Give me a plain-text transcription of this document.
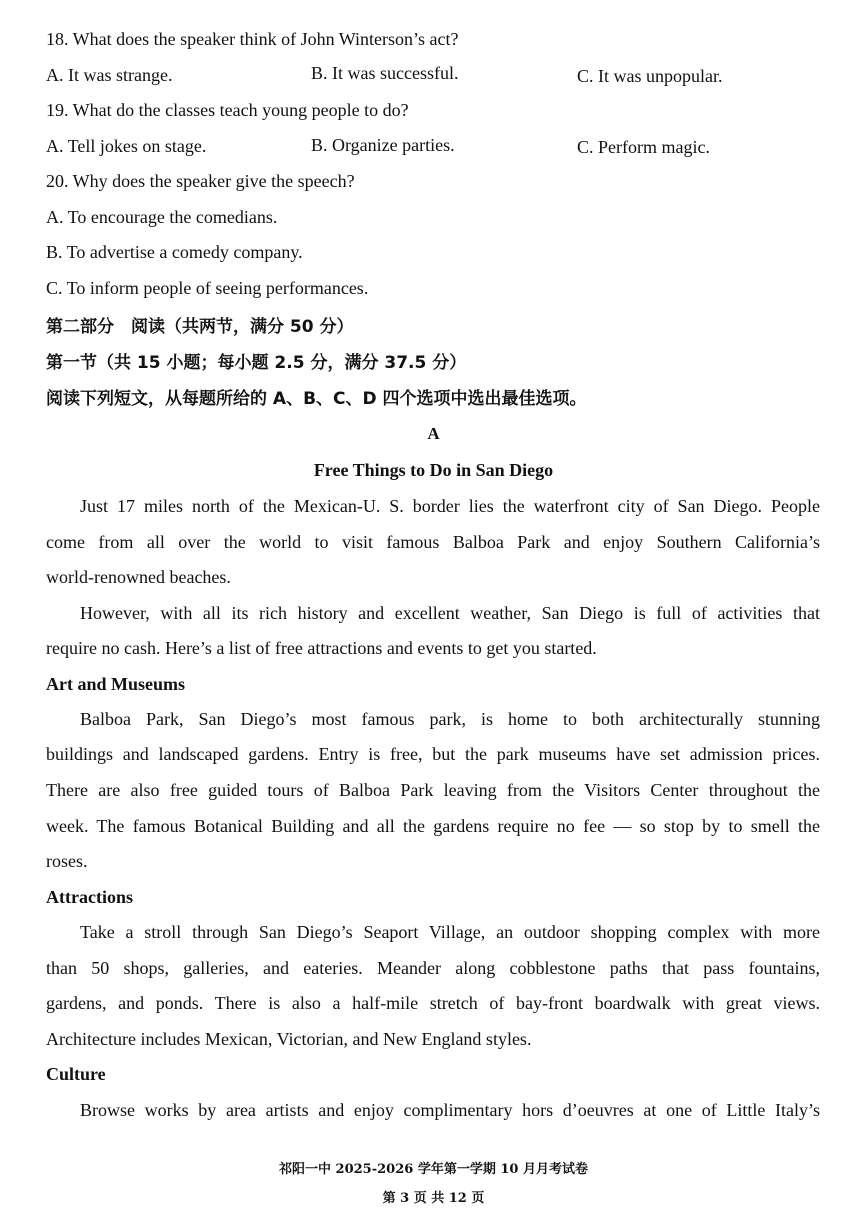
18. What does the speaker think of John Winterson’s act?
A. It was strange.	B. It was successful.	C. It was unpopular.
19. What do the classes teach young people to do?
A. Tell jokes on stage.	B. Organize parties.	C. Perform magic.
20. Why does the speaker give the speech?
A. To encourage the comedians.
B. To advertise a comedy company.
C. To inform people of seeing performances.
第二部分　阅读（共两节，满分 50 分）
第一节（共 15 小题；每小题 2.5 分，满分 37.5 分）
阅读下列短文，从每题所给的 A、B、C、D 四个选项中选出最佳选项。
A
Free Things to Do in San Diego
Just 17 miles north of the Mexican-U. S. border lies the waterfront city of San Diego. People
come from all over the world to visit famous Balboa Park and enjoy Southern California’s
world-renowned beaches.
However, with all its rich history and excellent weather, San Diego is full of activities that
require no cash. Here’s a list of free attractions and events to get you started.
Art and Museums
Balboa Park, San Diego’s most famous park, is home to both architecturally stunning
buildings and landscaped gardens. Entry is free, but the park museums have set admission prices.
There are also free guided tours of Balboa Park leaving from the Visitors Center throughout the
week. The famous Botanical Building and all the gardens require no fee — so stop by to smell the
roses.
Attractions
Take a stroll through San Diego’s Seaport Village, an outdoor shopping complex with more
than 50 shops, galleries, and eateries. Meander along cobblestone paths that pass fountains,
gardens, and ponds. There is also a half-mile stretch of bay-front boardwalk with great views.
Architecture includes Mexican, Victorian, and New England styles.
Culture
Browse works by area artists and enjoy complimentary hors d’oeuvres at one of Little Italy’s
祁阳一中 2025-2026 学年第一学期 10 月月考试卷
第 3 页 共 12 页
